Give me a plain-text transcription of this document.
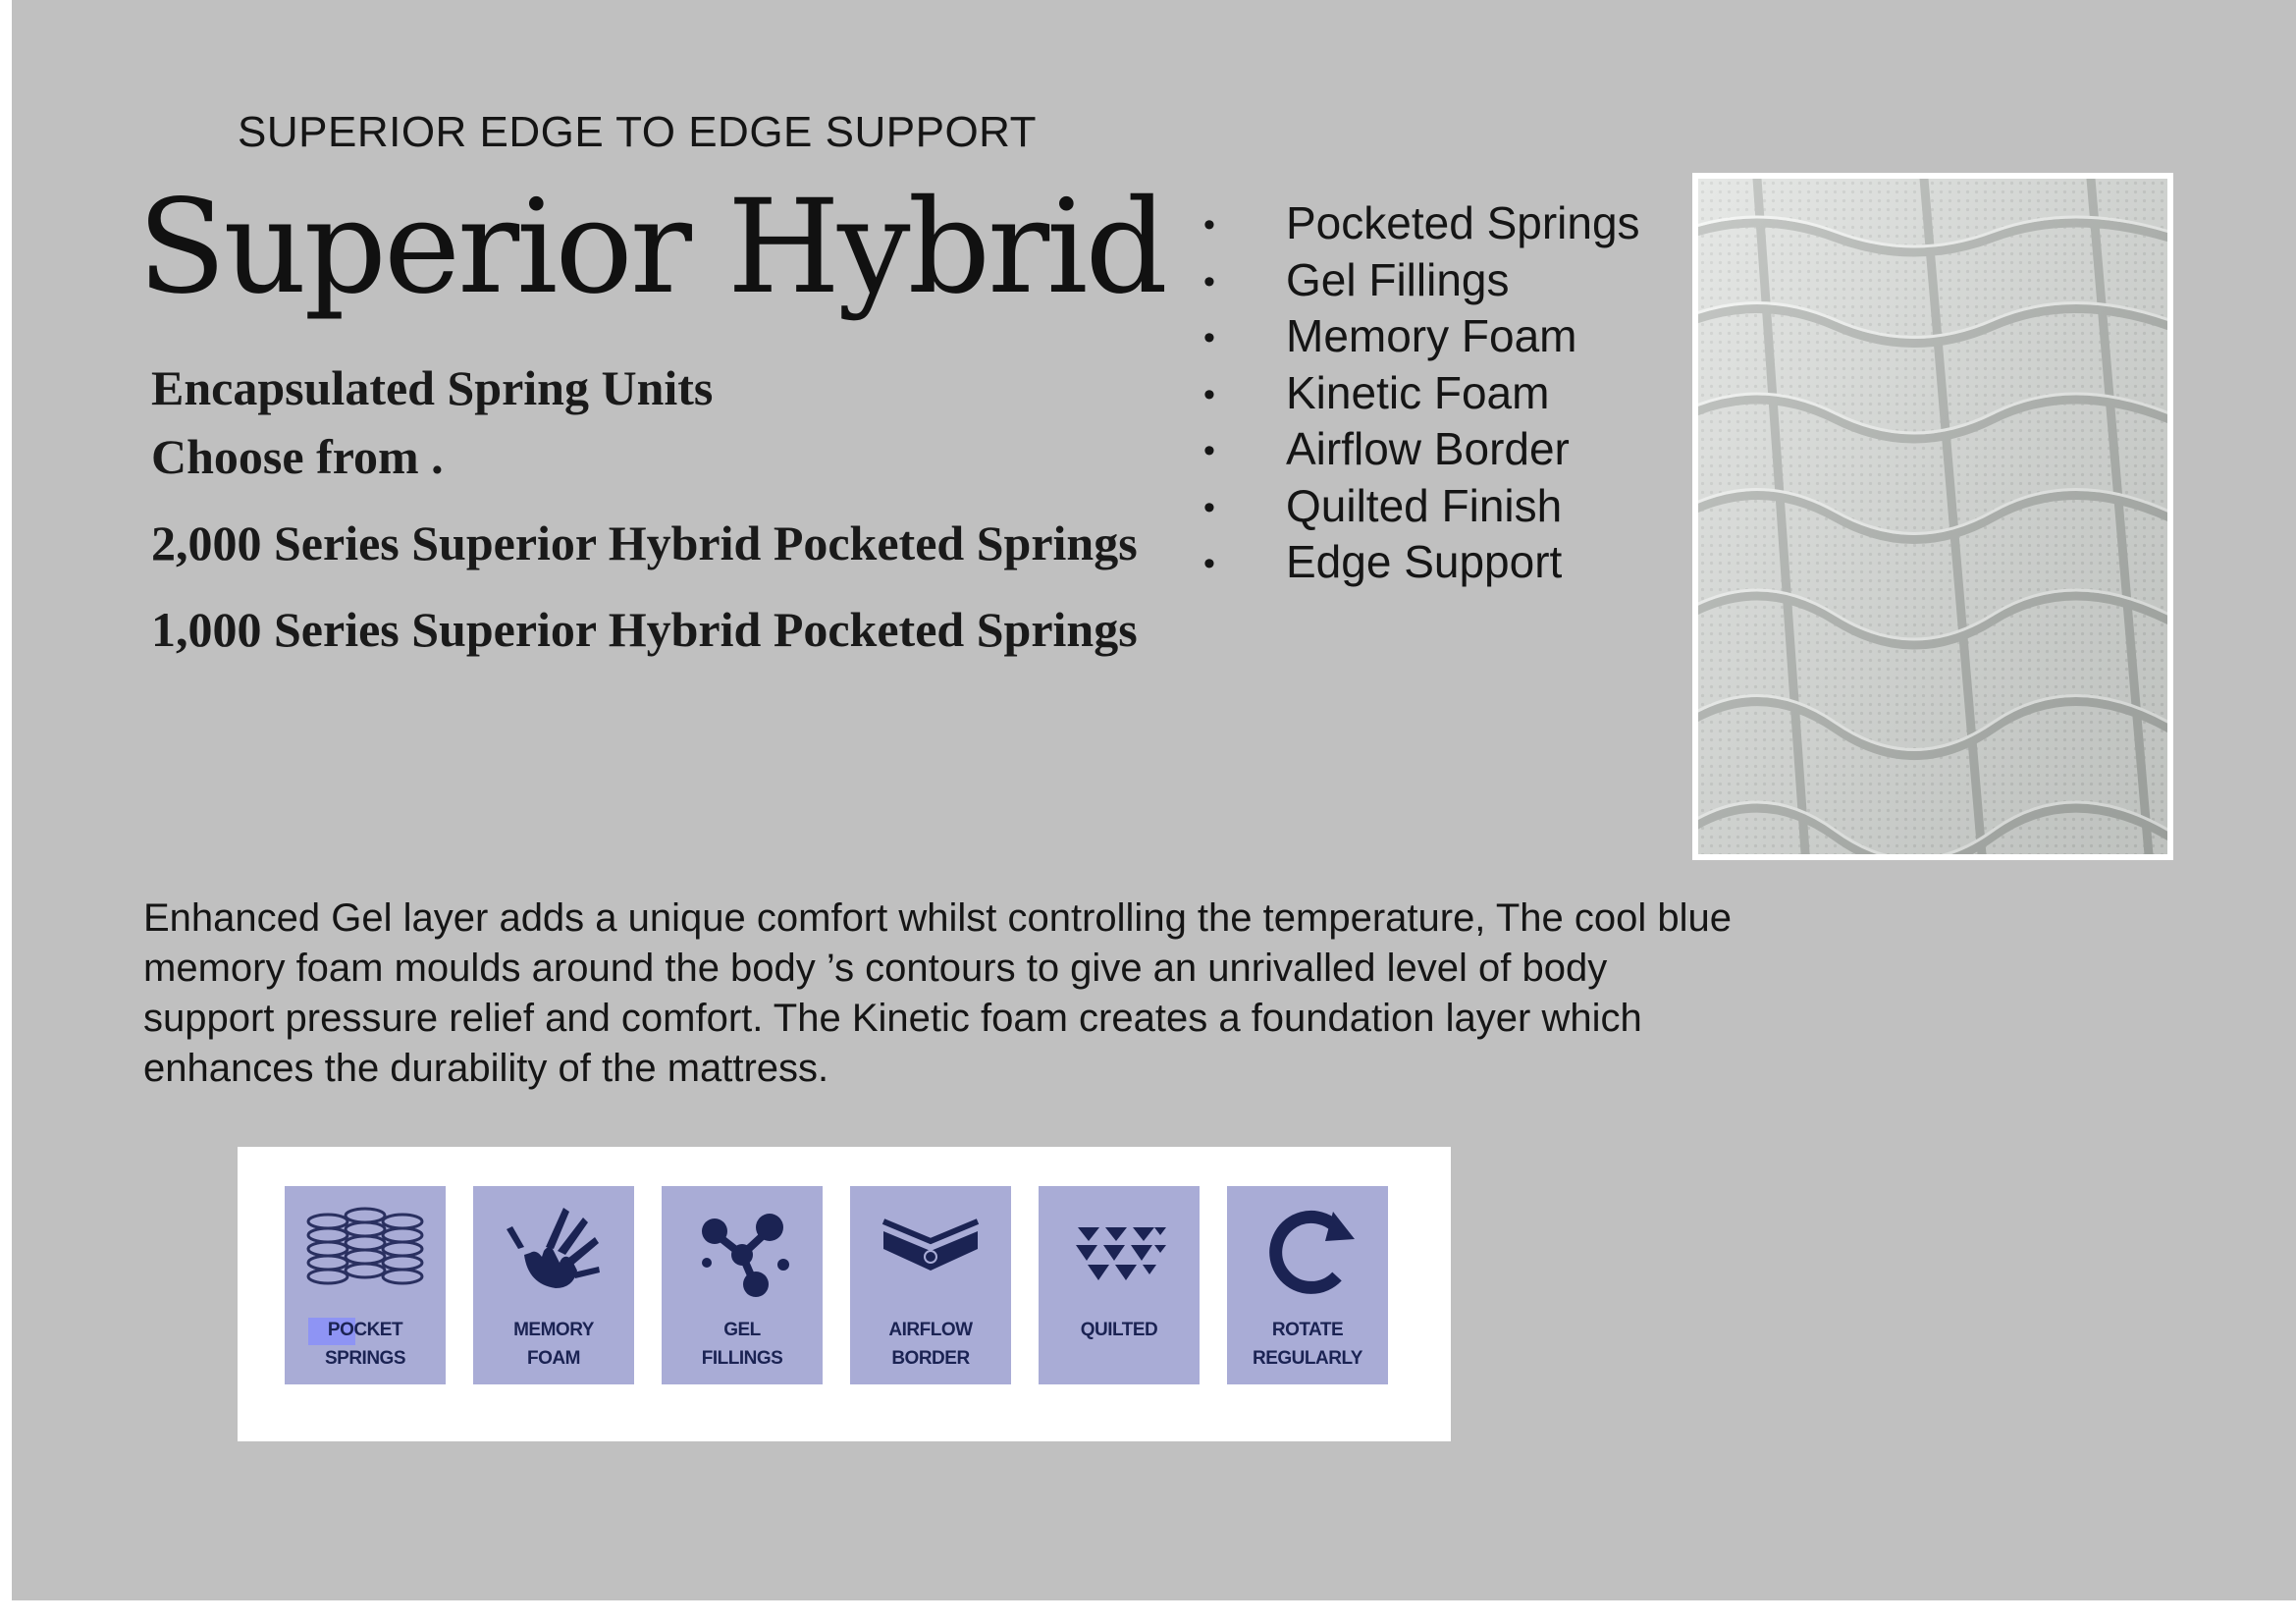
SUPERIOR EDGE TO EDGE SUPPORT
Superior Hybrid
Encapsulated Spring Units
Choose from .
2,000 Series Superior Hybrid Pocketed Springs
1,000 Series Superior Hybrid Pocketed Springs
• Pocketed Springs
• Gel Fillings
• Memory Foam
• Kinetic Foam
• Airflow Border
• Quilted Finish
• Edge Support
Enhanced Gel layer adds a unique comfort whilst controlling the temperature, The cool blue memory foam moulds around the body ’s contours to give an unrivalled level of body support pressure relief and comfort. The Kinetic foam creates a foundation layer which enhances the durability of the mattress.
POCKET
SPRINGS
MEMORY
FOAM
GEL
FILLINGS
AIRFLOW
BORDER
QUILTED	ROTATE
REGULARLY
